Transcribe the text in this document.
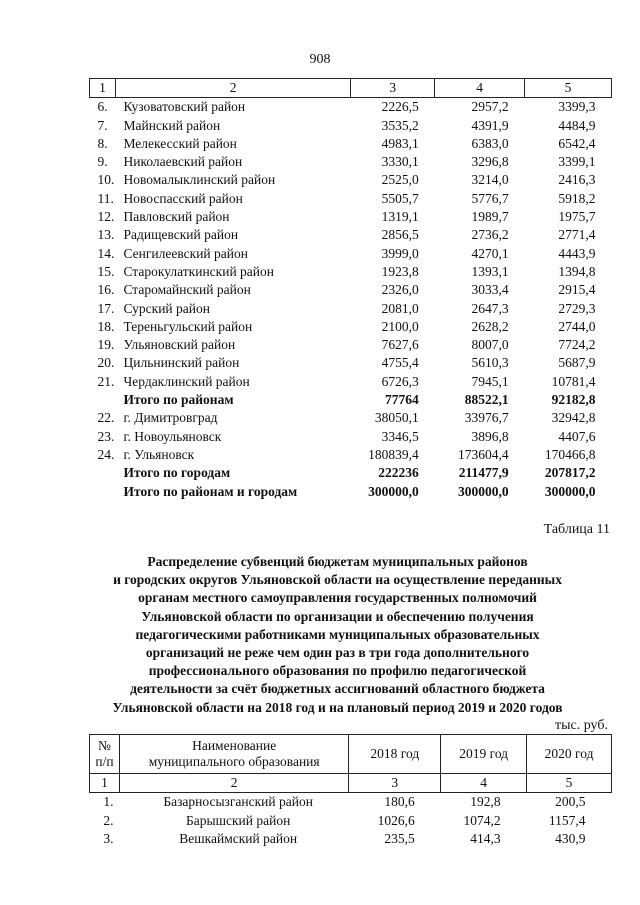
908
1	2	3	4	5
6.	Кузоватовский район	2226,5	2957,2	3399,3
7.	Майнский район	3535,2	4391,9	4484,9
8.	Мелекесский район	4983,1	6383,0	6542,4
9.	Николаевский район	3330,1	3296,8	3399,1
10.	Новомалыклинский район	2525,0	3214,0	2416,3
11.	Новоспасский район	5505,7	5776,7	5918,2
12.	Павловский район	1319,1	1989,7	1975,7
13.	Радищевский район	2856,5	2736,2	2771,4
14.	Сенгилеевский район	3999,0	4270,1	4443,9
15.	Старокулаткинский район	1923,8	1393,1	1394,8
16.	Старомайнский район	2326,0	3033,4	2915,4
17.	Сурский район	2081,0	2647,3	2729,3
18.	Тереньгульский район	2100,0	2628,2	2744,0
19.	Ульяновский район	7627,6	8007,0	7724,2
20.	Цильнинский район	4755,4	5610,3	5687,9
21.	Чердаклинский район	6726,3	7945,1	10781,4
	Итого по районам	77764	88522,1	92182,8
22.	г. Димитровград	38050,1	33976,7	32942,8
23.	г. Новоульяновск	3346,5	3896,8	4407,6
24.	г. Ульяновск	180839,4	173604,4	170466,8
	Итого по городам	222236	211477,9	207817,2
	Итого по районам и городам	300000,0	300000,0	300000,0
Таблица 11
Распределение субвенций бюджетам муниципальных районов
и городских округов Ульяновской области на осуществление переданных
органам местного самоуправления государственных полномочий
Ульяновской области по организации и обеспечению получения
педагогическими работниками муниципальных образовательных
организаций не реже чем один раз в три года дополнительного
профессионального образования по профилю педагогической
деятельности за счёт бюджетных ассигнований областного бюджета
Ульяновской области на 2018 год и на плановый период 2019 и 2020 годов
тыс. руб.
№
п/п	Наименование
муниципального образования	2018 год	2019 год	2020 год
1	2	3	4	5
1.	Базарносызганский район	180,6	192,8	200,5
2.	Барышский район	1026,6	1074,2	1157,4
3.	Вешкаймский район	235,5	414,3	430,9
